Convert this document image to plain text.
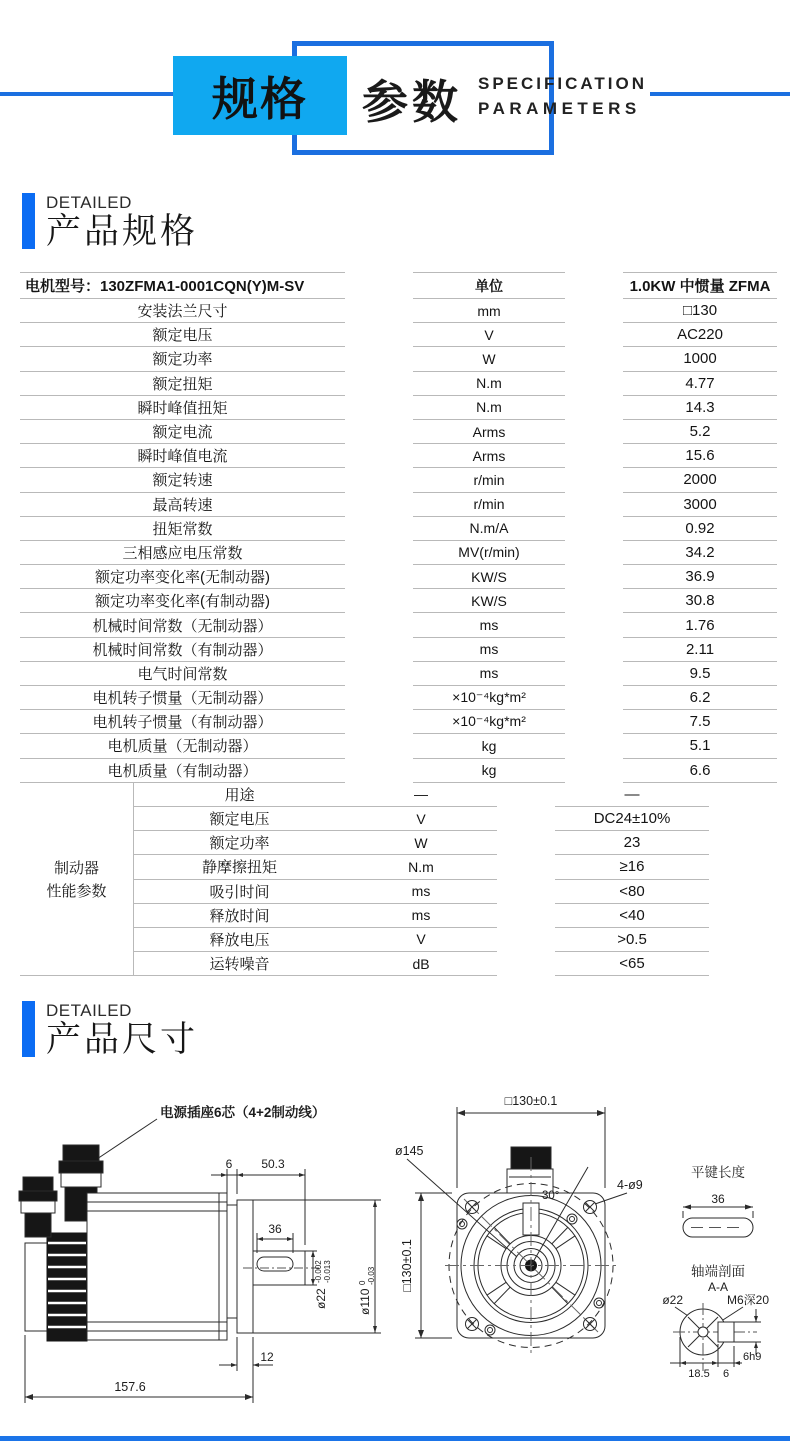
规格	参数 SPECIFICATION
PARAMETERS
DETAILED
产品规格
电机型号：130ZFMA1-0001CQN(Y)M-SV	单位	1.0KW 中惯量 ZFMA
安装法兰尺寸	mm	□130
额定电压	V	AC220
额定功率	W	1000
额定扭矩	N.m	4.77
瞬时峰值扭矩	N.m	14.3
额定电流	Arms	5.2
瞬时峰值电流	Arms	15.6
额定转速	r/min	2000
最高转速	r/min	3000
扭矩常数	N.m/A	0.92
三相感应电压常数	MV(r/min)	34.2
额定功率变化率(无制动器)	KW/S	36.9
额定功率变化率(有制动器)	KW/S	30.8
机械时间常数（无制动器）	ms	1.76
机械时间常数（有制动器）	ms	2.11
电气时间常数	ms	9.5
电机转子惯量（无制动器）	×10⁻⁴kg*m²	6.2
电机转子惯量（有制动器）	×10⁻⁴kg*m²	7.5
电机质量（无制动器）	kg	5.1
电机质量（有制动器）	kg	6.6
用途	—	—
额定电压	V	DC24±10%
额定功率	W	23
静摩擦扭矩	N.m	≥16
吸引时间	ms	<80
释放时间	ms	<40
释放电压	V	>0.5
运转噪音	dB	<65
制动器
性能参数
DETAILED
产品尺寸
电源插座6芯（4+2制动线）
6 50.3
36
12
157.6
ø22
-0.002 -0.013
ø110
0 -0.03
ø145
30°
4-ø9
□130±0.1
□130±0.1
平键长度
36
轴端剖面
A-A
ø22	M6深20
6h9
18.5 6
